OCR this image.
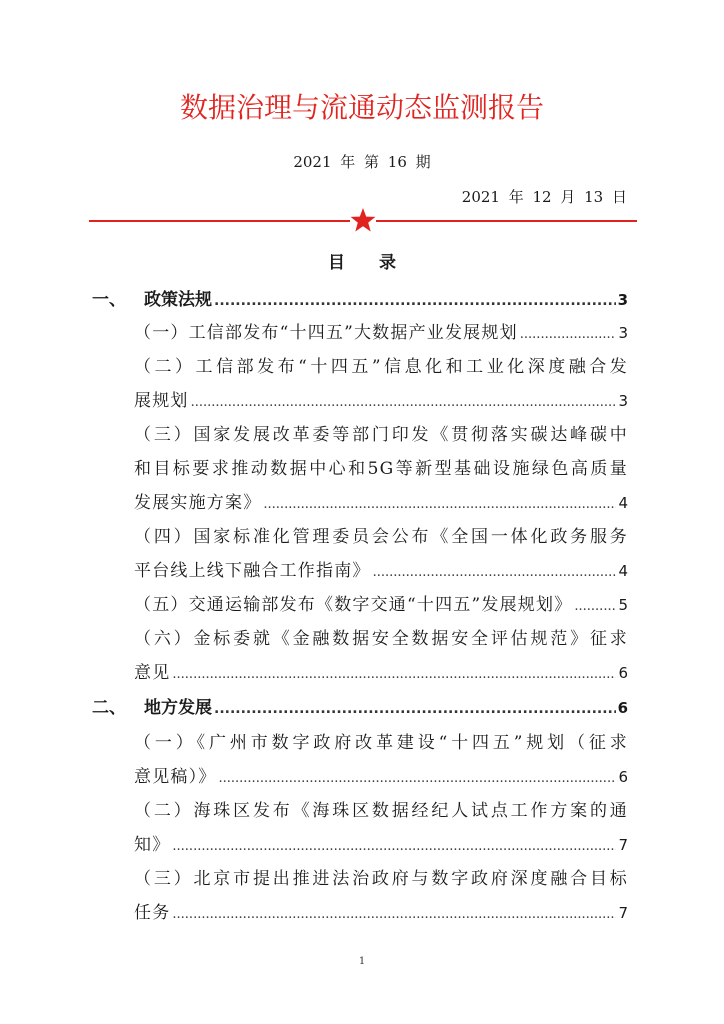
数据治理与流通动态监测报告
2021 年 第 16 期
2021 年 12 月 13 日
目 录
一、 政策法规 .....	3
（一）工信部发布“十四五”大数据产业发展规划 .....	3
（二）工信部发布“十四五”信息化和工业化深度融合发
展规划 .....	3
（三）国家发展改革委等部门印发《贯彻落实碳达峰碳中
和目标要求推动数据中心和5G等新型基础设施绿色高质量
发展实施方案》 .....	4
（四）国家标准化管理委员会公布《全国一体化政务服务
平台线上线下融合工作指南》 .....	4
（五）交通运输部发布《数字交通“十四五”发展规划》 .....	5
（六）金标委就《金融数据安全数据安全评估规范》征求
意见 .....	6
二、 地方发展 .....	6
（一）《广州市数字政府改革建设“十四五”规划（征求
意见稿）》 .....	6
（二）海珠区发布《海珠区数据经纪人试点工作方案的通
知》 .....	7
（三）北京市提出推进法治政府与数字政府深度融合目标
任务 .....	7
1
